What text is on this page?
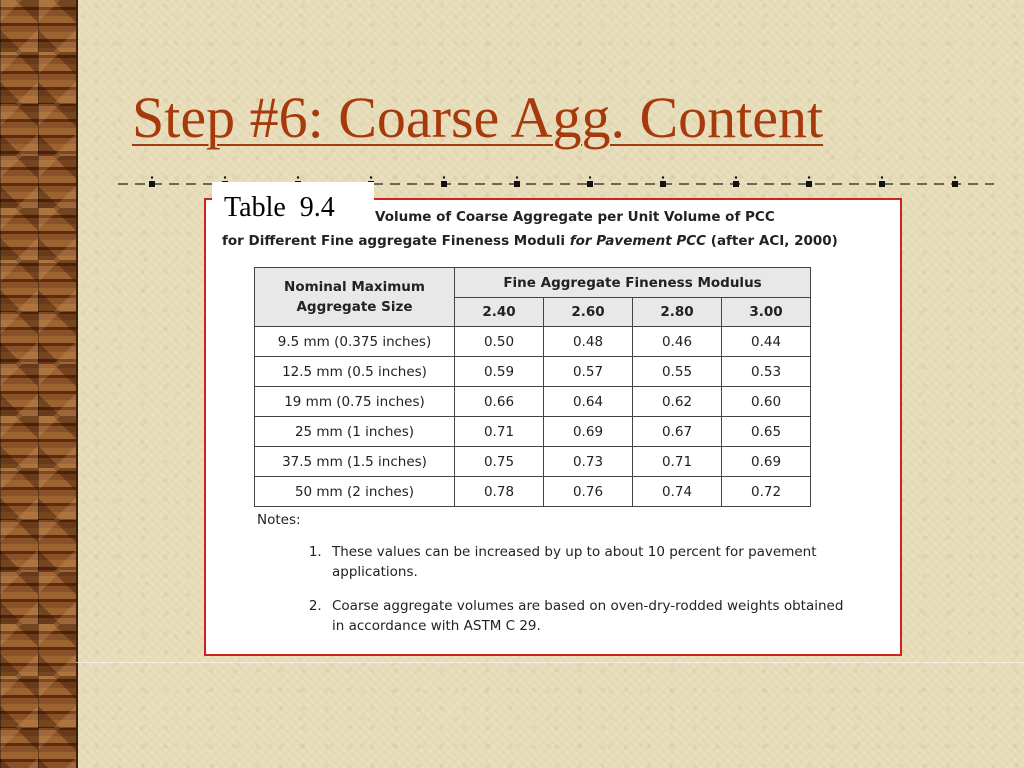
Step #6: Coarse Agg. Content
Volume of Coarse Aggregate per Unit Volume of PCC
for Different Fine aggregate Fineness Moduli for Pavement PCC (after ACI, 2000)
Table  9.4
Nominal Maximum Aggregate Size	Fine Aggregate Fineness Modulus			
	2.40	2.60	2.80	3.00
9.5 mm (0.375 inches)	0.50	0.48	0.46	0.44
12.5 mm (0.5 inches)	0.59	0.57	0.55	0.53
19 mm (0.75 inches)	0.66	0.64	0.62	0.60
25 mm (1 inches)	0.71	0.69	0.67	0.65
37.5 mm (1.5 inches)	0.75	0.73	0.71	0.69
50 mm (2 inches)	0.78	0.76	0.74	0.72
Notes:
1. These values can be increased by up to about 10 percent for pavement applications.
2. Coarse aggregate volumes are based on oven-dry-rodded weights obtained in accordance with ASTM C 29.
